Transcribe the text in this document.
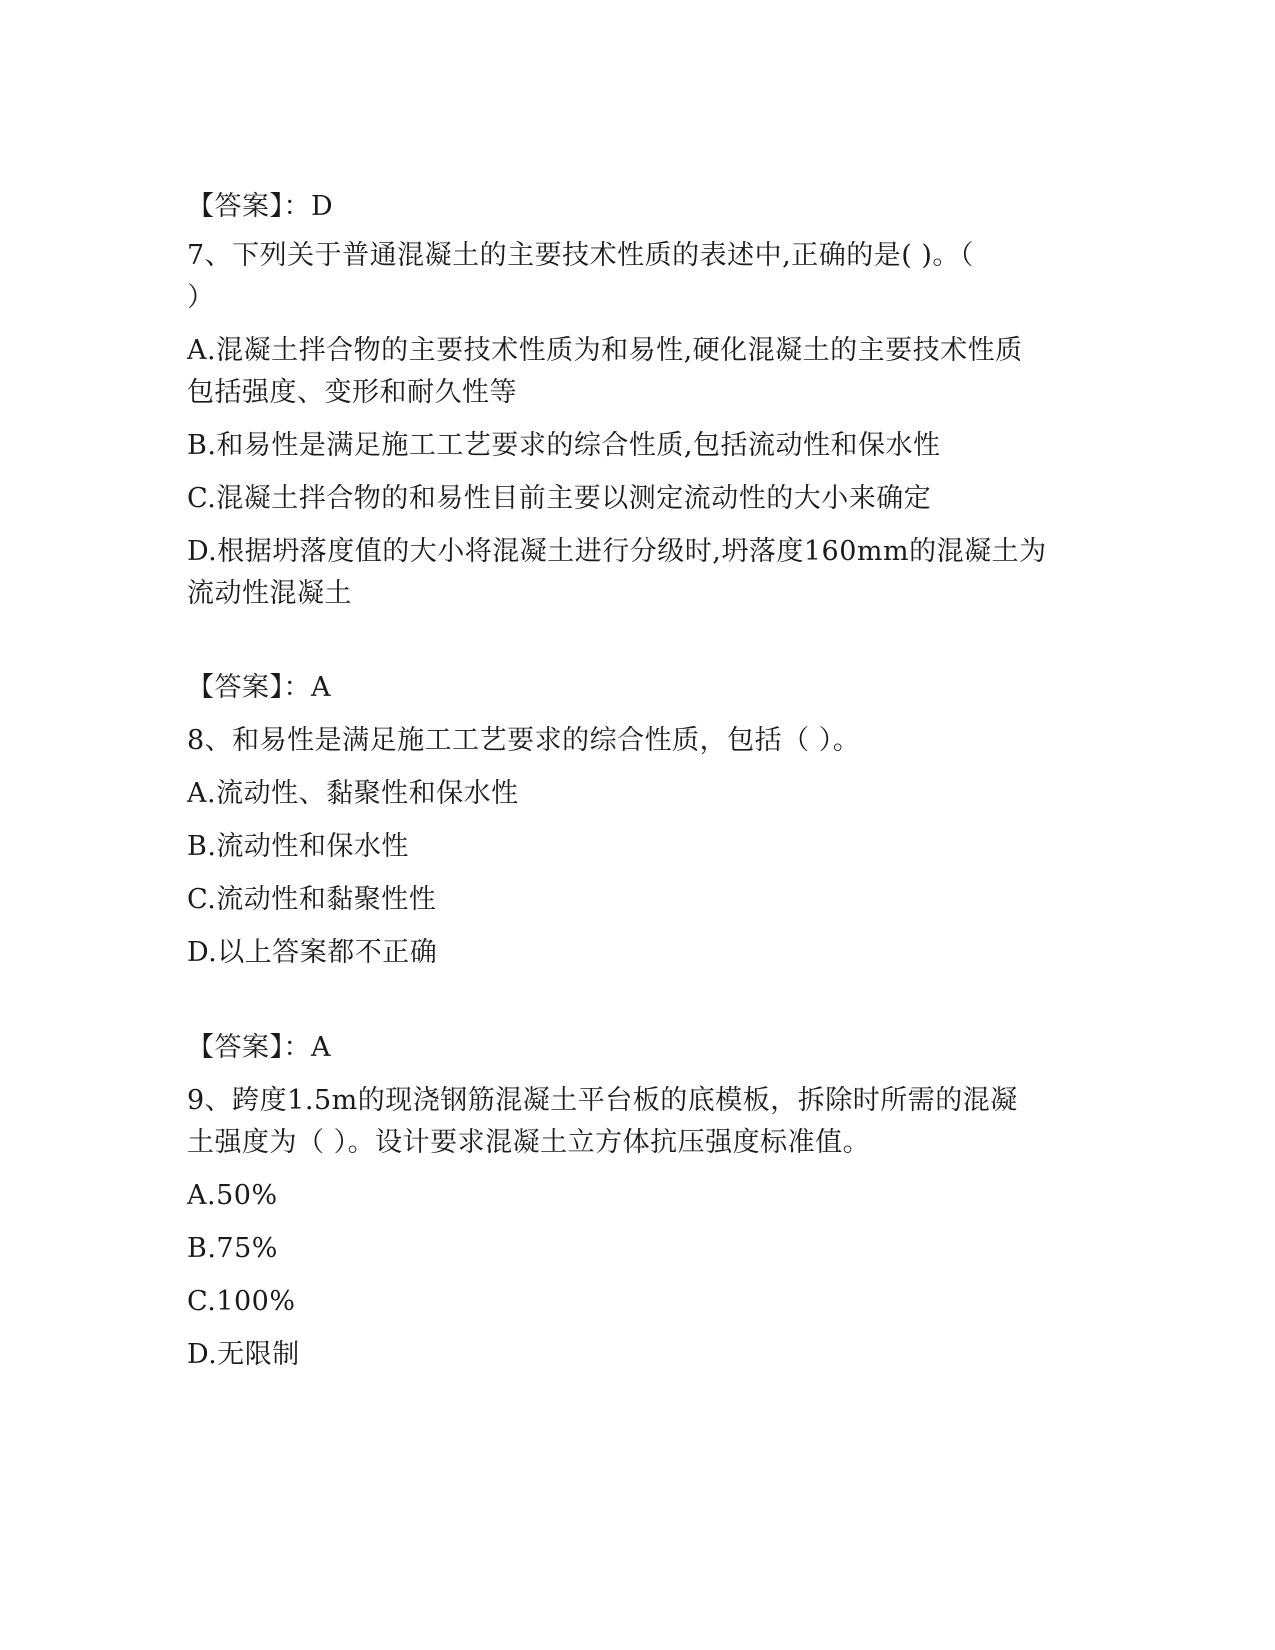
【答案】：D
7、下列关于普通混凝土的主要技术性质的表述中,正确的是( )。（
）
A.混凝土拌合物的主要技术性质为和易性,硬化混凝土的主要技术性质
包括强度、变形和耐久性等
B.和易性是满足施工工艺要求的综合性质,包括流动性和保水性
C.混凝土拌合物的和易性目前主要以测定流动性的大小来确定
D.根据坍落度值的大小将混凝土进行分级时,坍落度160mm的混凝土为
流动性混凝土
【答案】：A
8、和易性是满足施工工艺要求的综合性质，包括（ ）。
A.流动性、黏聚性和保水性
B.流动性和保水性
C.流动性和黏聚性性
D.以上答案都不正确
【答案】：A
9、跨度1.5m的现浇钢筋混凝土平台板的底模板，拆除时所需的混凝
土强度为（ ）。设计要求混凝土立方体抗压强度标准值。
A.50%
B.75%
C.100%
D.无限制
